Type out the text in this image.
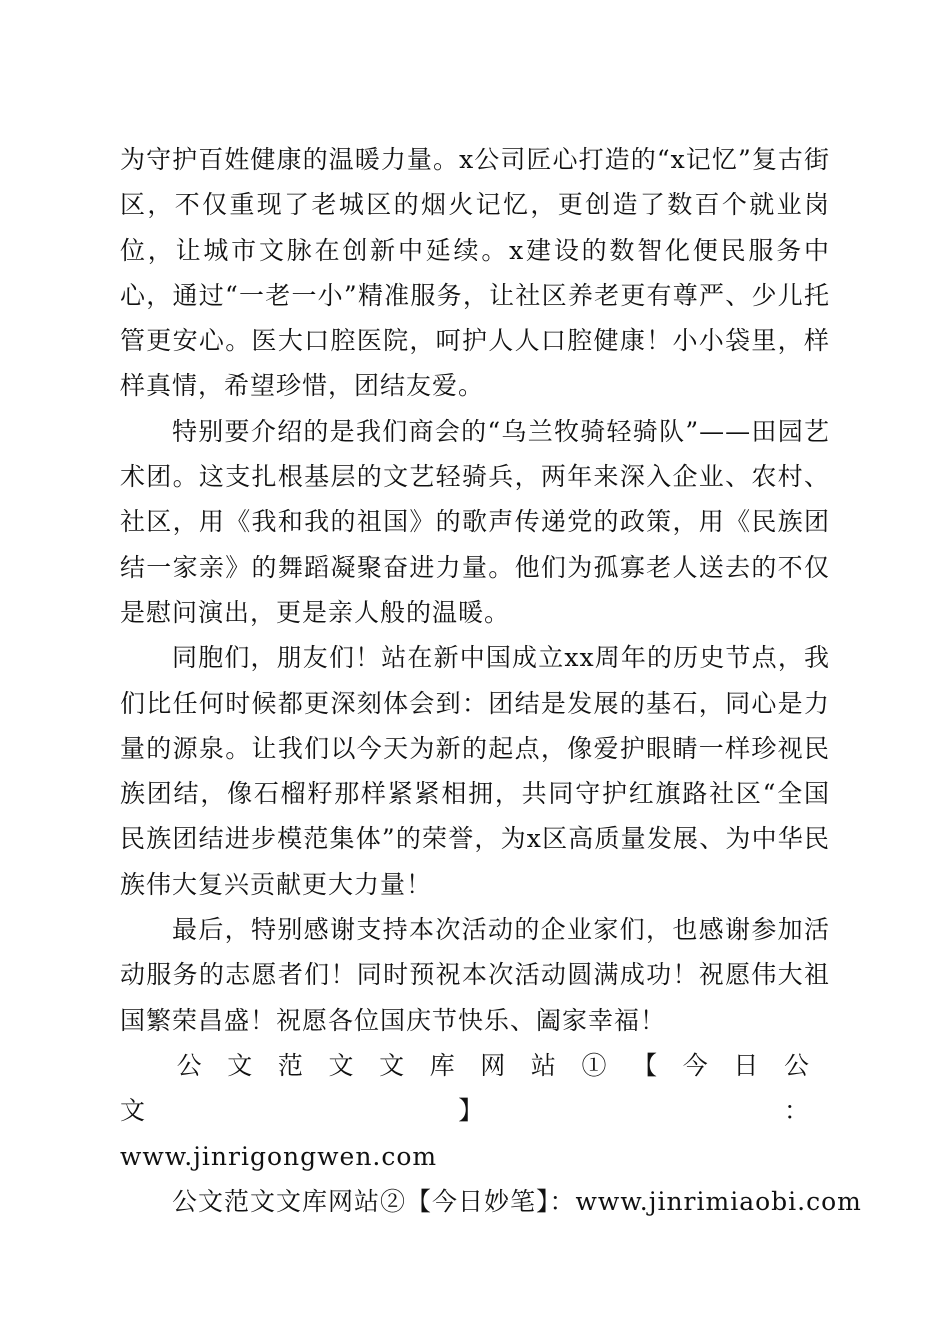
为守护百姓健康的温暖力量。x公司匠心打造的“x记忆”复古街区，不仅重现了老城区的烟火记忆，更创造了数百个就业岗位，让城市文脉在创新中延续。x建设的数智化便民服务中心，通过“一老一小”精准服务，让社区养老更有尊严、少儿托管更安心。医大口腔医院，呵护人人口腔健康！小小袋里，样样真情，希望珍惜，团结友爱。

特别要介绍的是我们商会的“乌兰牧骑轻骑队”——田园艺术团。这支扎根基层的文艺轻骑兵，两年来深入企业、农村、社区，用《我和我的祖国》的歌声传递党的政策，用《民族团结一家亲》的舞蹈凝聚奋进力量。他们为孤寡老人送去的不仅是慰问演出，更是亲人般的温暖。

同胞们，朋友们！站在新中国成立xx周年的历史节点，我们比任何时候都更深刻体会到：团结是发展的基石，同心是力量的源泉。让我们以今天为新的起点，像爱护眼睛一样珍视民族团结，像石榴籽那样紧紧相拥，共同守护红旗路社区“全国民族团结进步模范集体”的荣誉，为x区高质量发展、为中华民族伟大复兴贡献更大力量！

最后，特别感谢支持本次活动的企业家们，也感谢参加活动服务的志愿者们！同时预祝本次活动圆满成功！祝愿伟大祖国繁荣昌盛！祝愿各位国庆节快乐、阖家幸福！

公文范文文库网站①【今日公文】：
www.jinrigongwen.com
公文范文文库网站②【今日妙笔】：www.jinrimiaobi.com
